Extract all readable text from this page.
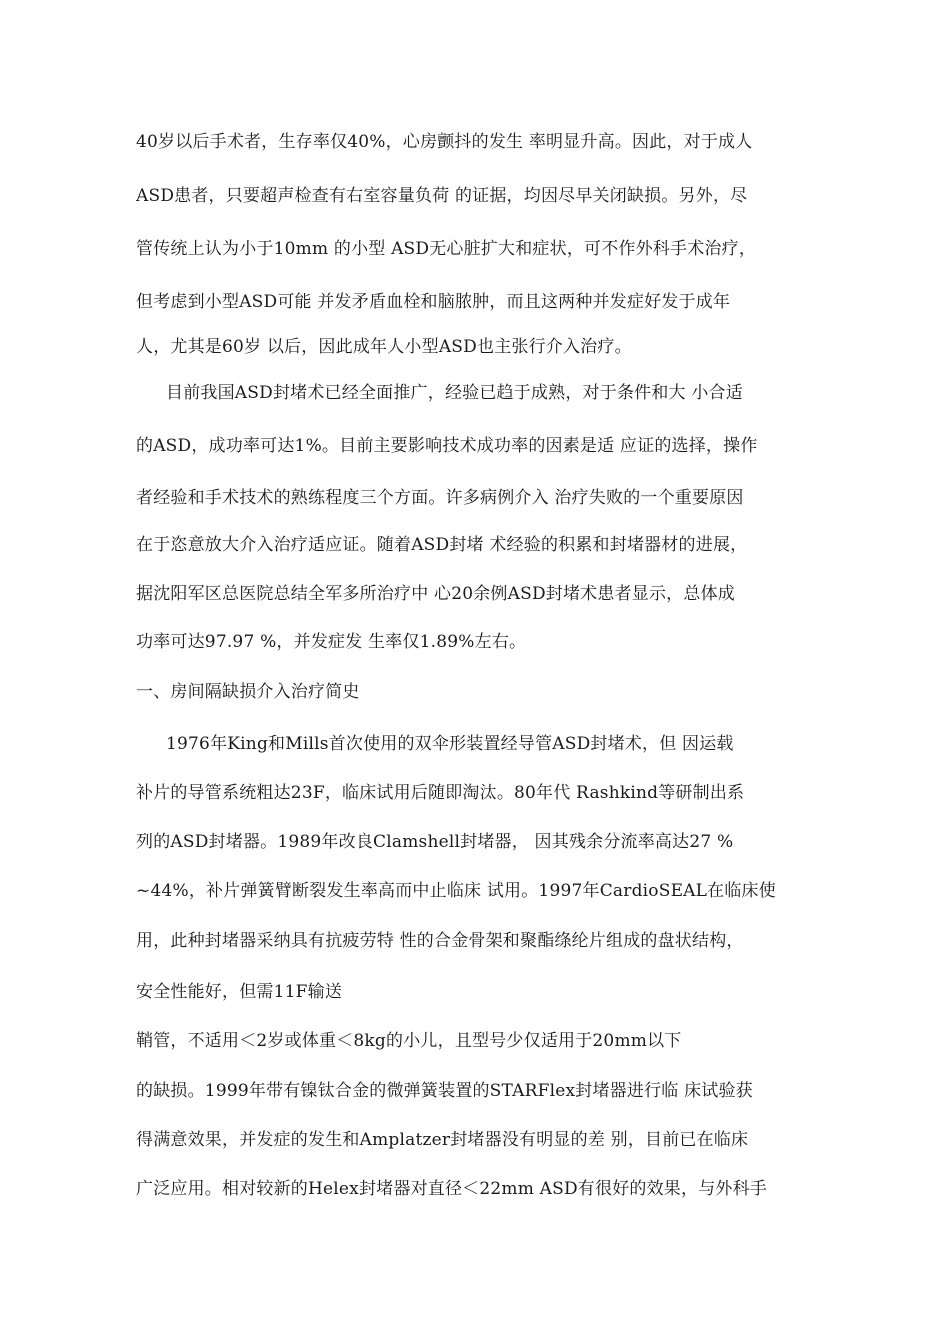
40岁以后手术者，生存率仅40%，心房颤抖的发生 率明显升高。因此，对于成人
ASD患者，只要超声检查有右室容量负荷 的证据，均因尽早关闭缺损。另外，尽
管传统上认为小于10mm 的小型 ASD无心脏扩大和症状，可不作外科手术治疗，
但考虑到小型ASD可能 并发矛盾血栓和脑脓肿，而且这两种并发症好发于成年
人，尤其是60岁 以后，因此成年人小型ASD也主张行介入治疗。
目前我国ASD封堵术已经全面推广，经验已趋于成熟，对于条件和大 小合适
的ASD，成功率可达1%。目前主要影响技术成功率的因素是适 应证的选择，操作
者经验和手术技术的熟练程度三个方面。许多病例介入 治疗失败的一个重要原因
在于恣意放大介入治疗适应证。随着ASD封堵 术经验的积累和封堵器材的进展，
据沈阳军区总医院总结全军多所治疗中 心20余例ASD封堵术患者显示，总体成
功率可达97.97 %，并发症发 生率仅1.89%左右。
一、房间隔缺损介入治疗简史
1976年King和Mills首次使用的双伞形装置经导管ASD封堵术，但 因运载
补片的导管系统粗达23F，临床试用后随即淘汰。80年代 Rashkind等研制出系
列的ASD封堵器。1989年改良Clamshell封堵器， 因其残余分流率高达27 %
~44%，补片弹簧臂断裂发生率高而中止临床 试用。1997年CardioSEAL在临床使
用，此种封堵器采纳具有抗疲劳特 性的合金骨架和聚酯绦纶片组成的盘状结构，
安全性能好，但需11F输送
鞘管，不适用＜2岁或体重＜8kg的小儿，且型号少仅适用于20mm以下
的缺损。1999年带有镍钛合金的微弹簧装置的STARFlex封堵器进行临 床试验获
得满意效果，并发症的发生和Amplatzer封堵器没有明显的差 别，目前已在临床
广泛应用。相对较新的Helex封堵器对直径＜22mm ASD有很好的效果，与外科手
